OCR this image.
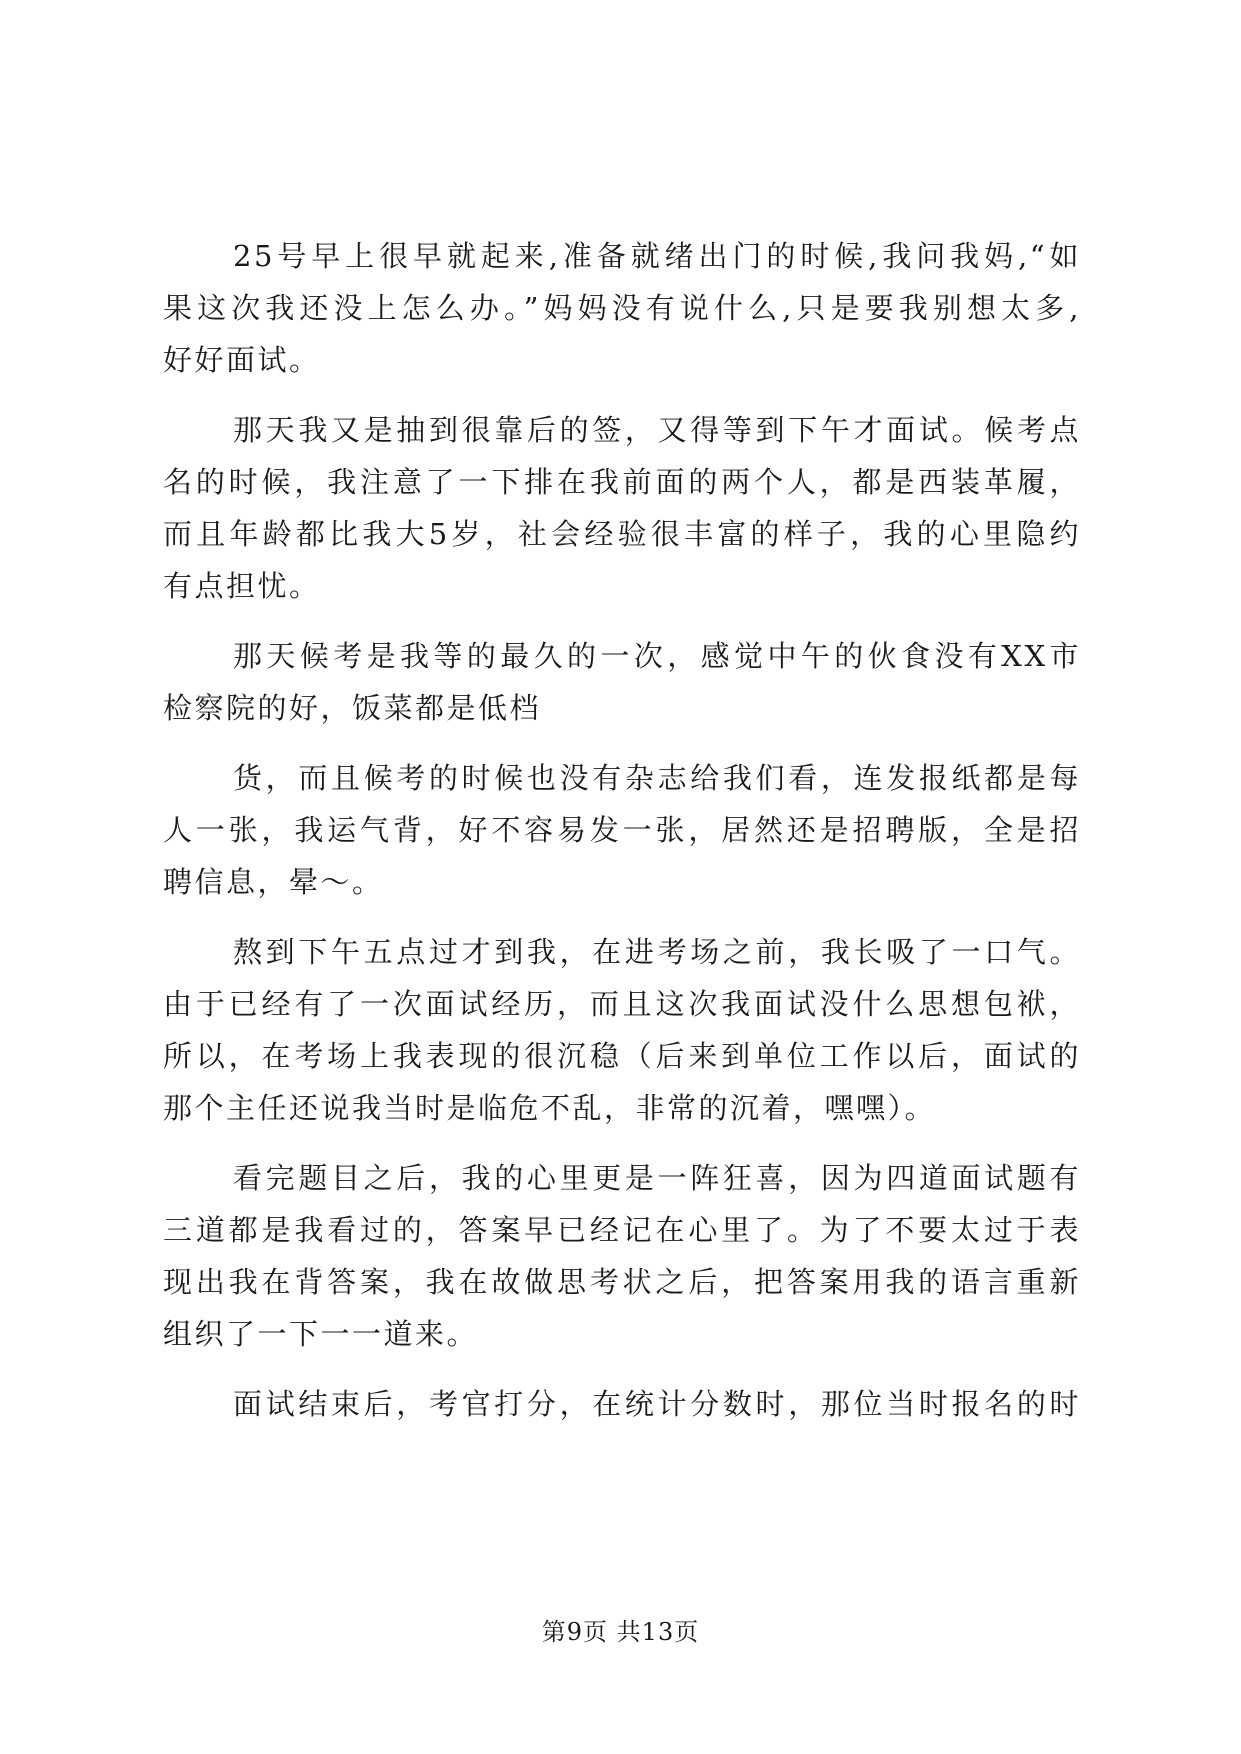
25号早上很早就起来,准备就绪出门的时候,我问我妈,“如
果这次我还没上怎么办。”妈妈没有说什么,只是要我别想太多,
好好面试。
那天我又是抽到很靠后的签，又得等到下午才面试。候考点
名的时候，我注意了一下排在我前面的两个人，都是西装革履，
而且年龄都比我大5岁，社会经验很丰富的样子，我的心里隐约
有点担忧。
那天候考是我等的最久的一次，感觉中午的伙食没有XX市
检察院的好，饭菜都是低档
货，而且候考的时候也没有杂志给我们看，连发报纸都是每
人一张，我运气背，好不容易发一张，居然还是招聘版，全是招
聘信息，晕～。
熬到下午五点过才到我，在进考场之前，我长吸了一口气。
由于已经有了一次面试经历，而且这次我面试没什么思想包袱，
所以，在考场上我表现的很沉稳（后来到单位工作以后，面试的
那个主任还说我当时是临危不乱，非常的沉着，嘿嘿）。
看完题目之后，我的心里更是一阵狂喜，因为四道面试题有
三道都是我看过的，答案早已经记在心里了。为了不要太过于表
现出我在背答案，我在故做思考状之后，把答案用我的语言重新
组织了一下一一道来。
面试结束后，考官打分，在统计分数时，那位当时报名的时
第9页 共13页
